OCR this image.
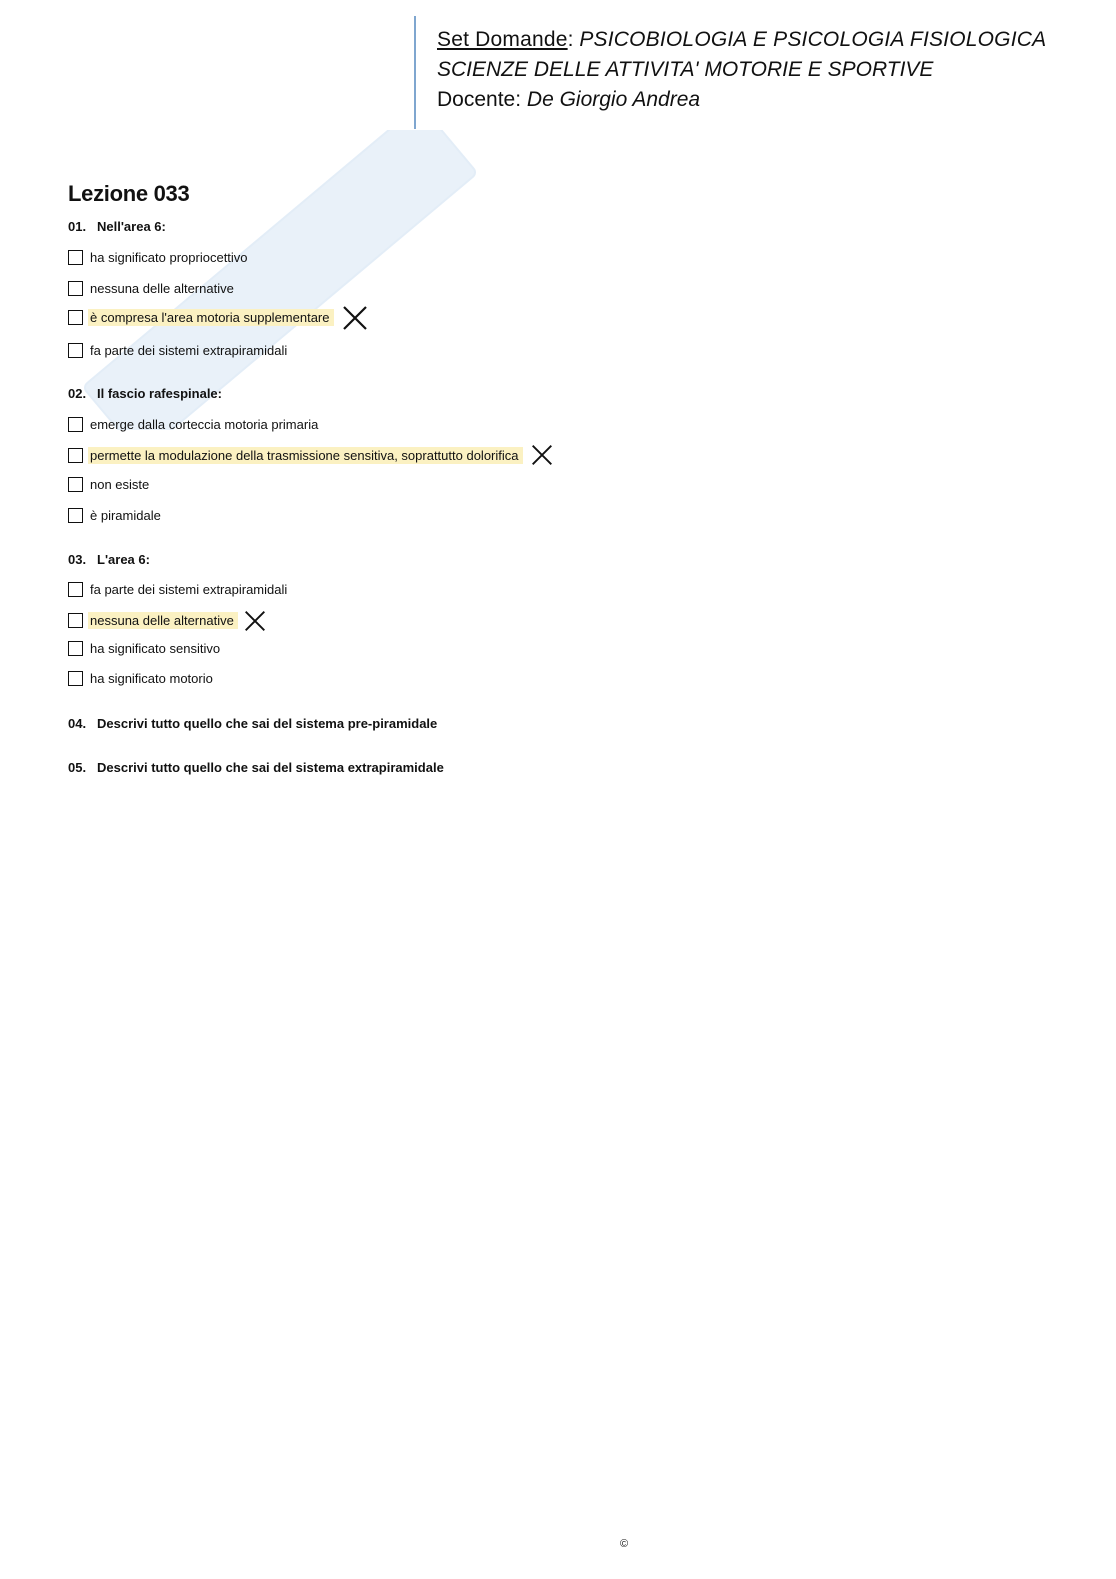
Set Domande: PSICOBIOLOGIA E PSICOLOGIA FISIOLOGICA
SCIENZE DELLE ATTIVITA' MOTORIE E SPORTIVE
Docente: De Giorgio Andrea
Lezione 033
01. Nell'area 6:
ha significato propriocettivo
nessuna delle alternative
è compresa l'area motoria supplementare
fa parte dei sistemi extrapiramidali
02. Il fascio rafespinale:
emerge dalla corteccia motoria primaria
permette la modulazione della trasmissione sensitiva, soprattutto dolorifica
non esiste
è piramidale
03. L'area 6:
fa parte dei sistemi extrapiramidali
nessuna delle alternative
ha significato sensitivo
ha significato motorio
04. Descrivi tutto quello che sai del sistema pre-piramidale
05. Descrivi tutto quello che sai del sistema extrapiramidale
©
